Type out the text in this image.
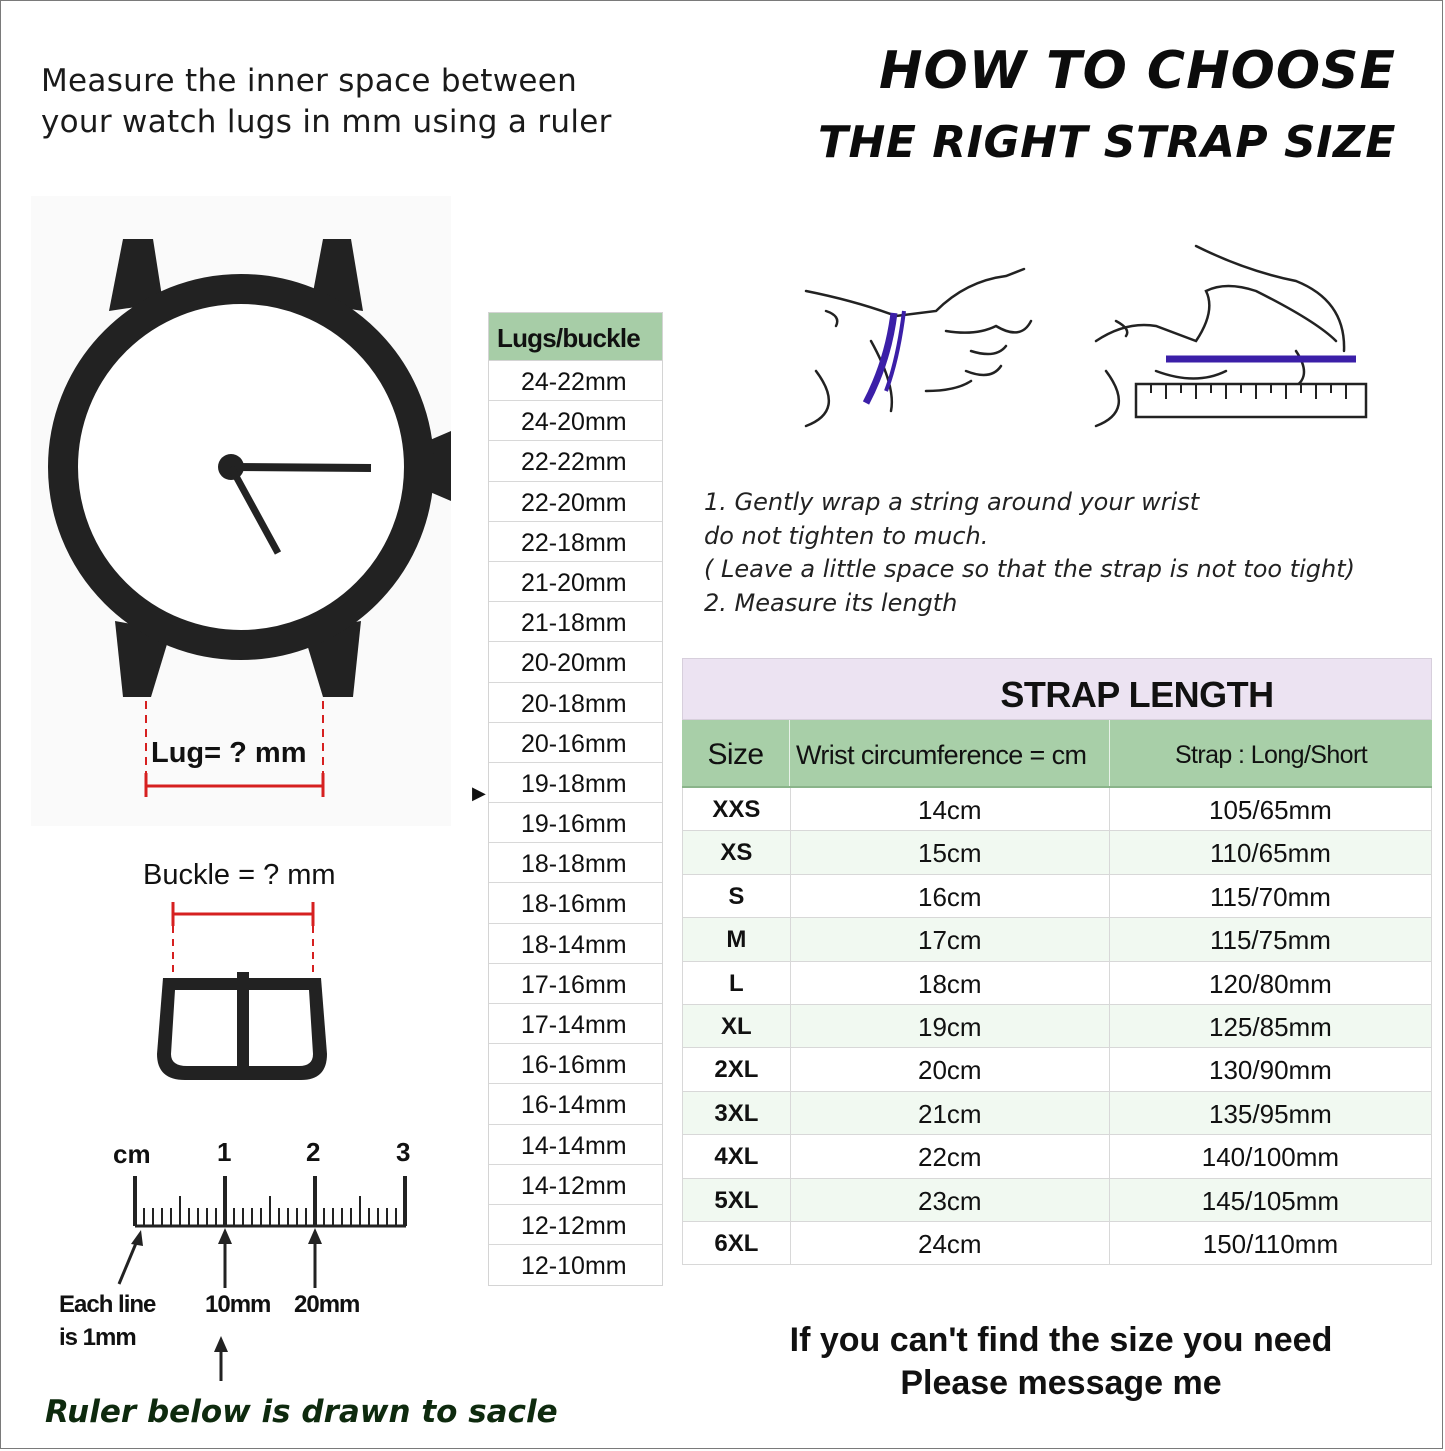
Measure the inner space between
your watch lugs in mm using a ruler

HOW TO CHOOSE

THE RIGHT STRAP SIZE

Lug= ? mm

Buckle = ? mm

cm	1	2	3

Each line

is 1mm

10mm 20mm

Ruler below is drawn to sacle

▶

Lugs/buckle
24-22mm
24-20mm
22-22mm
22-20mm
22-18mm
21-20mm
21-18mm
20-20mm
20-18mm
20-16mm
19-18mm
19-16mm
18-18mm
18-16mm
18-14mm
17-16mm
17-14mm
16-16mm
16-14mm
14-14mm
14-12mm
12-12mm
12-10mm
1. Gently wrap a string around your wrist
do not tighten to much.
( Leave a little space so that the strap is not too tight)
2. Measure its length
STRAP LENGTH
Size	Wrist circumference = cm	Strap : Long/Short
XXS	14cm	105/65mm
XS	15cm	110/65mm
S	16cm	115/70mm
M	17cm	115/75mm
L	18cm	120/80mm
XL	19cm	125/85mm
2XL	20cm	130/90mm
3XL	21cm	135/95mm
4XL	22cm	140/100mm
5XL	23cm	145/105mm
6XL	24cm	150/110mm

If you can't find the size you need
Please message me
